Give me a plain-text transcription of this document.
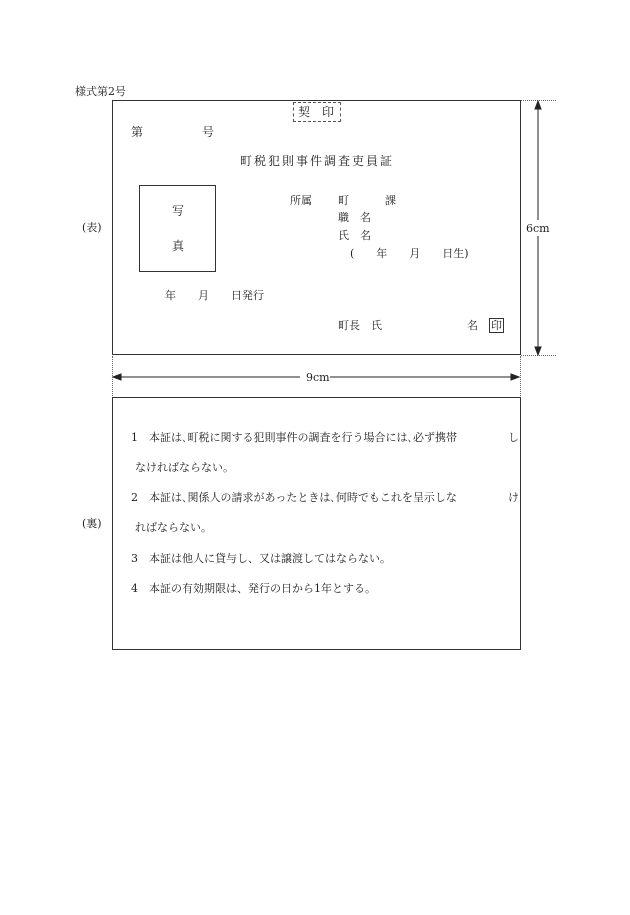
様式第2号
契　印
第	号
町税犯則事件調査吏員証
写
真
所属 町	課
職　名
氏　名
(　　年　　月　　日生)
年　　月　　日発行
町長　氏	名 印
(表)	6cm
9cm
(裏)
1　本証は､町税に関する犯則事件の調査を行う場合には､必ず携帯	し
なければならない。
2　本証は､関係人の請求があったときは､何時でもこれを呈示しな	け
ればならない。
3　本証は他人に貸与し、又は譲渡してはならない。
4　本証の有効期限は、発行の日から1年とする。
